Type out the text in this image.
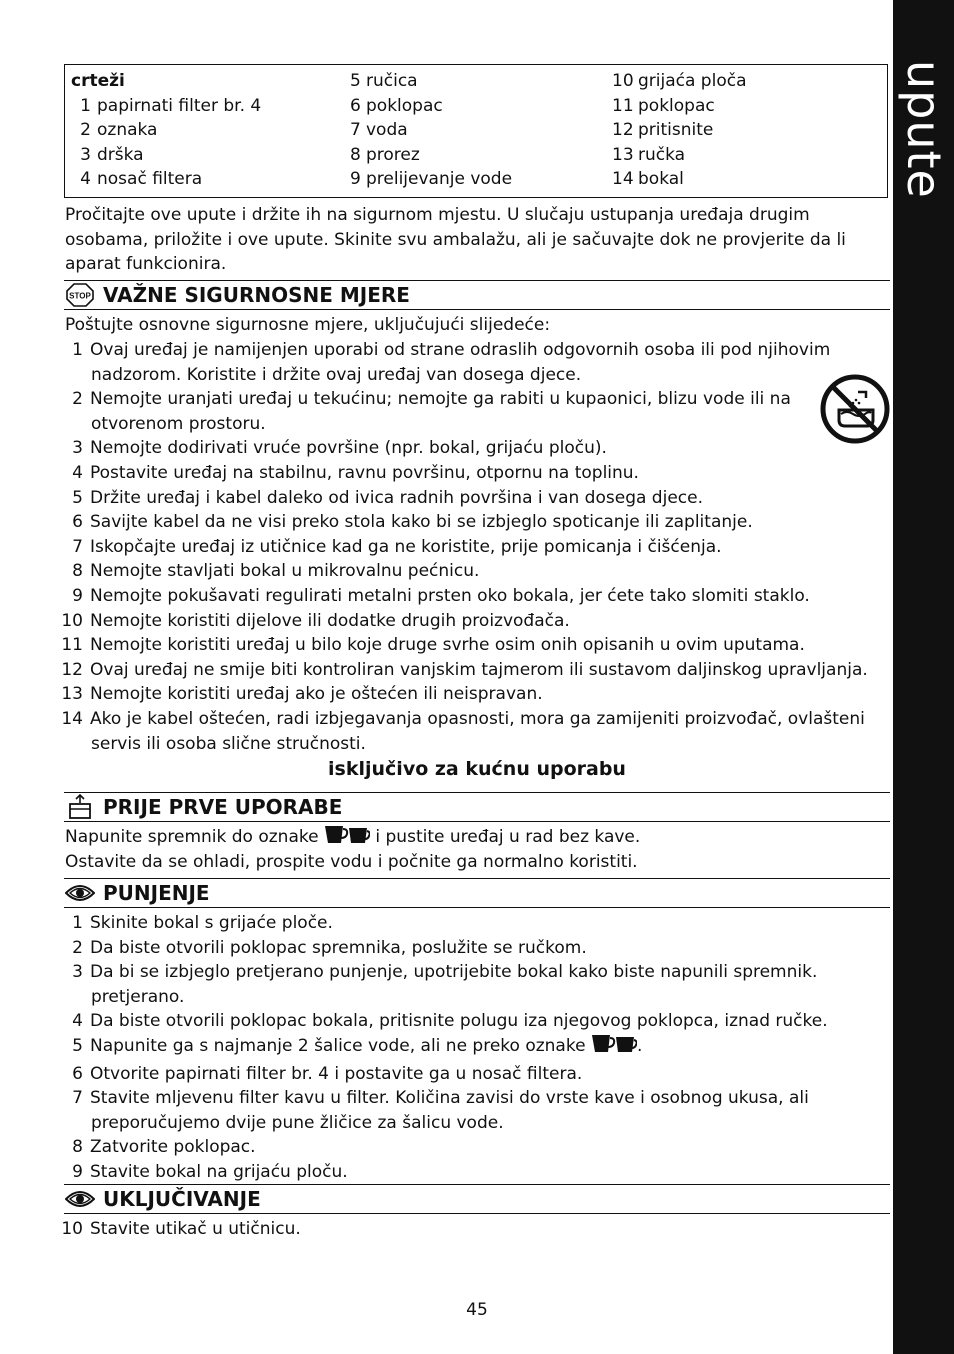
upute
crteži
1 papirnati filter br. 4
2 oznaka
3 drška
4 nosač filtera
5 ručica
6 poklopac
7 voda
8 prorez
9 prelijevanje vode
10 grijaća ploča
11 poklopac
12 pritisnite
13 ručka
14 bokal
Pročitajte ove upute i držite ih na sigurnom mjestu. U slučaju ustupanja uređaja drugim
osobama, priložite i ove upute. Skinite svu ambalažu, ali je sačuvajte dok ne provjerite da li
aparat funkcionira.
STOP VAŽNE SIGURNOSNE MJERE
Poštujte osnovne sigurnosne mjere, uključujući slijedeće:
1 Ovaj uređaj je namijenjen uporabi od strane odraslih odgovornih osoba ili pod njihovim
nadzorom. Koristite i držite ovaj uređaj van dosega djece.
2 Nemojte uranjati uređaj u tekućinu; nemojte ga rabiti u kupaonici, blizu vode ili na
otvorenom prostoru.
3 Nemojte dodirivati vruće površine (npr. bokal, grijaću ploču).
4 Postavite uređaj na stabilnu, ravnu površinu, otpornu na toplinu.
5 Držite uređaj i kabel daleko od ivica radnih površina i van dosega djece.
6 Savijte kabel da ne visi preko stola kako bi se izbjeglo spoticanje ili zaplitanje.
7 Iskopčajte uređaj iz utičnice kad ga ne koristite, prije pomicanja i čišćenja.
8 Nemojte stavljati bokal u mikrovalnu pećnicu.
9 Nemojte pokušavati regulirati metalni prsten oko bokala, jer ćete tako slomiti staklo.
10 Nemojte koristiti dijelove ili dodatke drugih proizvođača.
11 Nemojte koristiti uređaj u bilo koje druge svrhe osim onih opisanih u ovim uputama.
12 Ovaj uređaj ne smije biti kontroliran vanjskim tajmerom ili sustavom daljinskog upravljanja.
13 Nemojte koristiti uređaj ako je oštećen ili neispravan.
14 Ako je kabel oštećen, radi izbjegavanja opasnosti, mora ga zamijeniti proizvođač, ovlašteni
servis ili osoba slične stručnosti.
isključivo za kućnu uporabu
PRIJE PRVE UPORABE
Napunite spremnik do oznake	i pustite uređaj u rad bez kave.
Ostavite da se ohladi, prospite vodu i počnite ga normalno koristiti.
PUNJENJE
1 Skinite bokal s grijaće ploče.
2 Da biste otvorili poklopac spremnika, poslužite se ručkom.
3 Da bi se izbjeglo pretjerano punjenje, upotrijebite bokal kako biste napunili spremnik.
pretjerano.
4 Da biste otvorili poklopac bokala, pritisnite polugu iza njegovog poklopca, iznad ručke.
5 Napunite ga s najmanje 2 šalice vode, ali ne preko oznake	.
6 Otvorite papirnati filter br. 4 i postavite ga u nosač filtera.
7 Stavite mljevenu filter kavu u filter. Količina zavisi do vrste kave i osobnog ukusa, ali
preporučujemo dvije pune žličice za šalicu vode.
8 Zatvorite poklopac.
9 Stavite bokal na grijaću ploču.
UKLJUČIVANJE
10 Stavite utikač u utičnicu.
45
